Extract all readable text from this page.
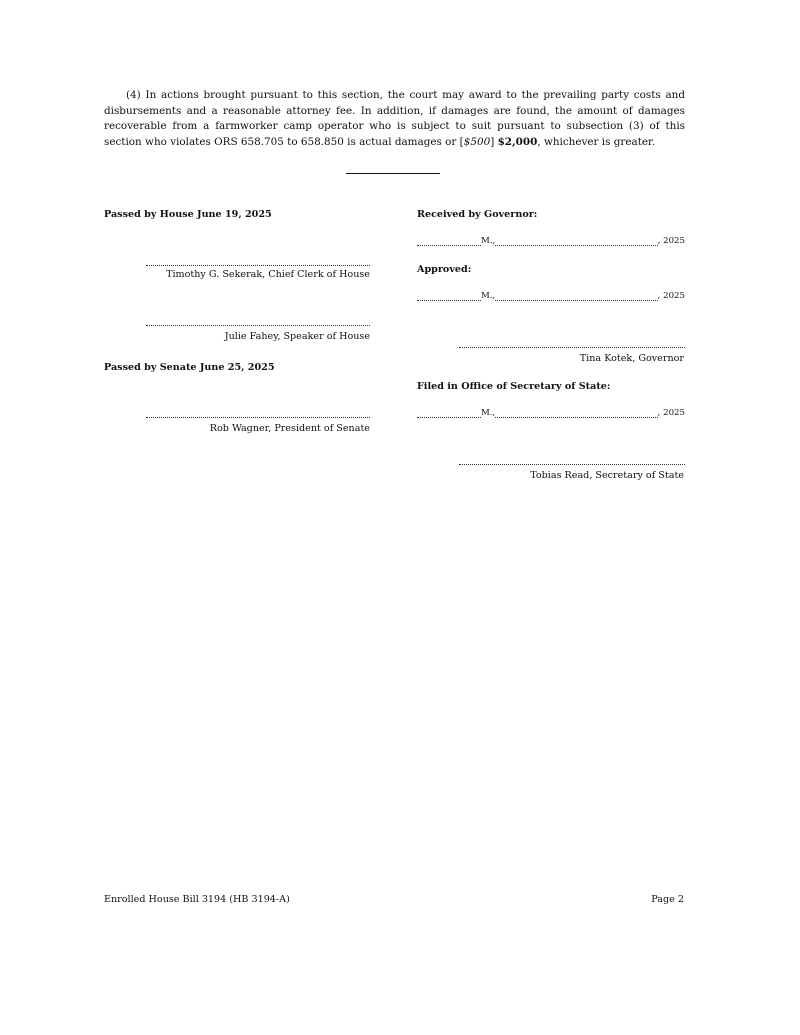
(4) In actions brought pursuant to this section, the court may award to the prevailing party costs and disbursements and a reasonable attorney fee. In addition, if damages are found, the amount of damages recoverable from a farmworker camp operator who is subject to suit pursuant to subsection (3) of this section who violates ORS 658.705 to 658.850 is actual damages or [$500] $2,000, whichever is greater.
Passed by House June 19, 2025
Timothy G. Sekerak, Chief Clerk of House
Julie Fahey, Speaker of House
Passed by Senate June 25, 2025
Rob Wagner, President of Senate
Received by Governor:
M.,	, 2025
Approved:
M.,	, 2025
Tina Kotek, Governor
Filed in Office of Secretary of State:
M.,	, 2025
Tobias Read, Secretary of State
Enrolled House Bill 3194 (HB 3194-A)	Page 2
